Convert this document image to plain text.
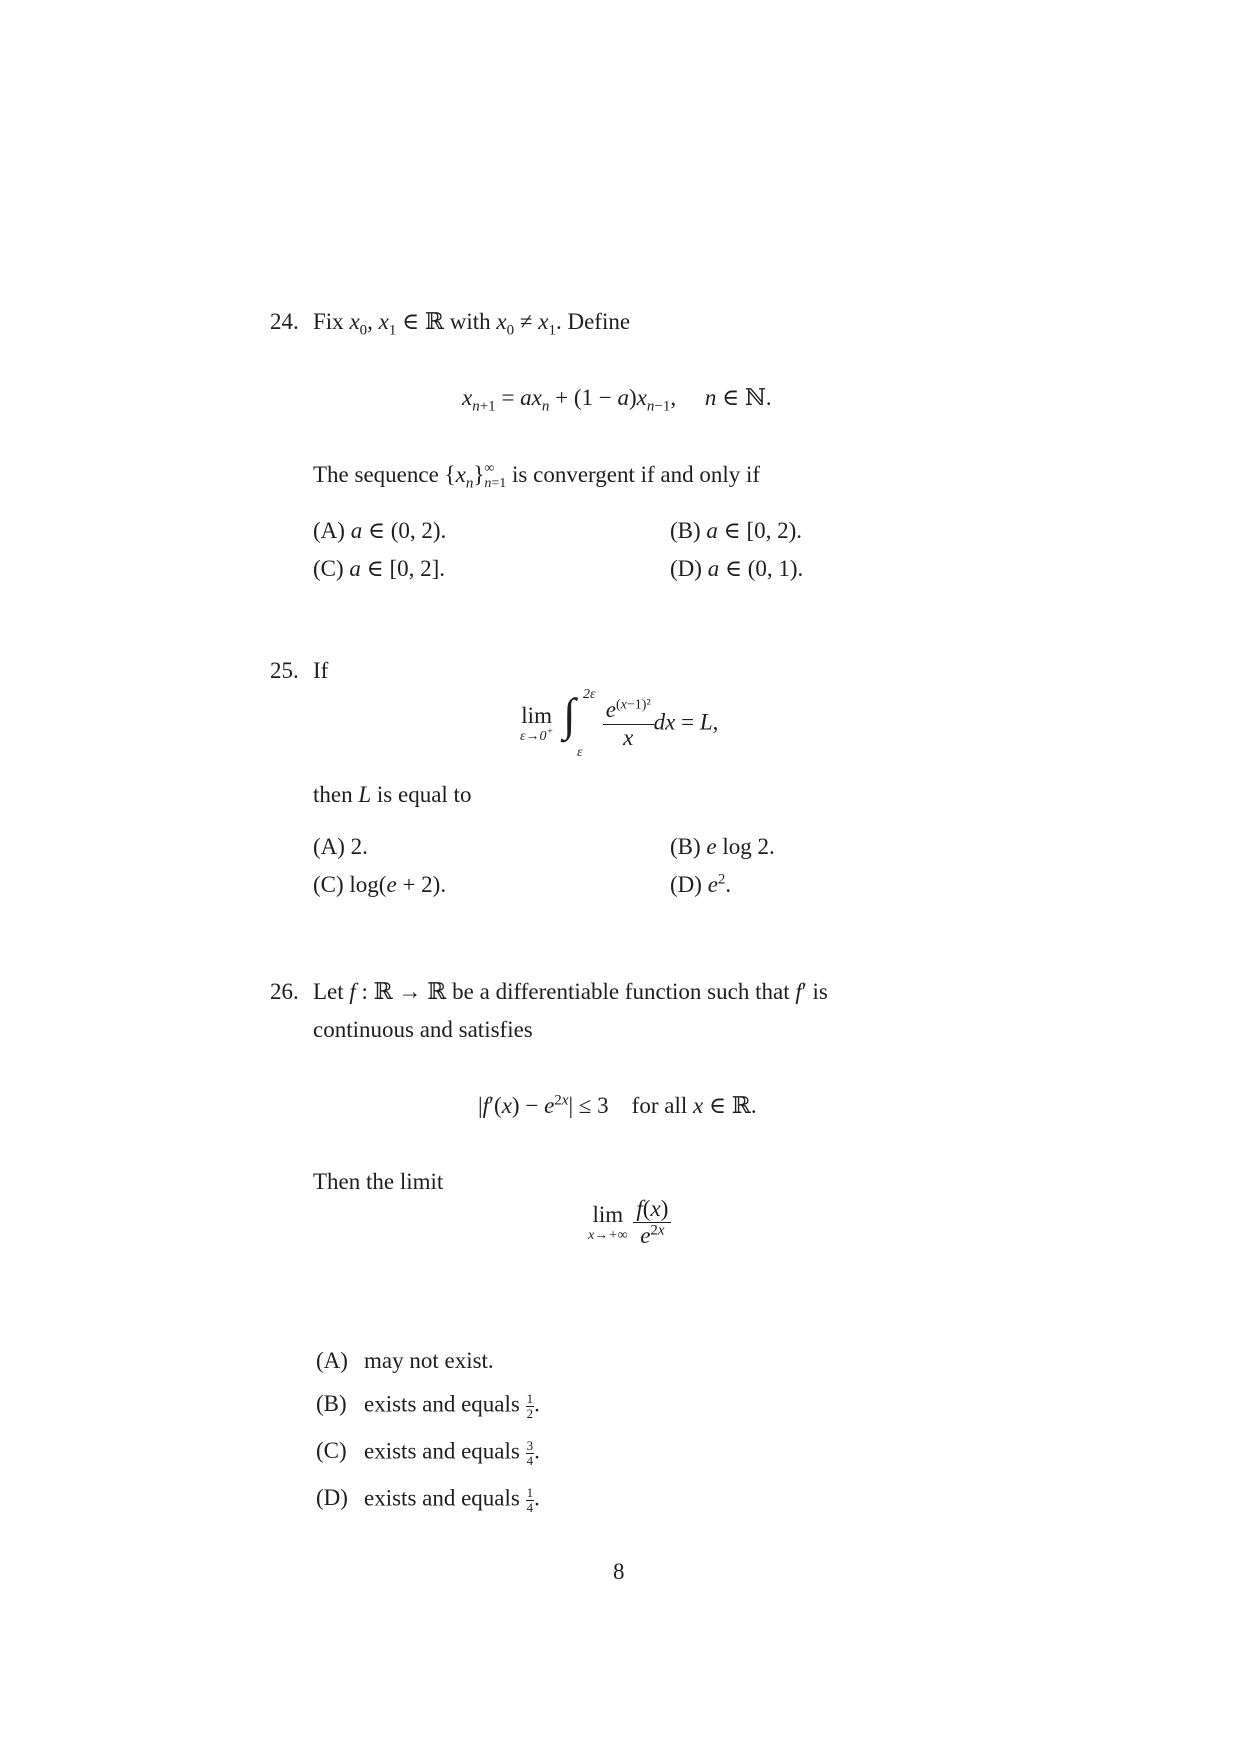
24. Fix $x_0$, $x_1$ ∈ ℝ with $x_0 \ne x_1$. Define
$x_{n+1} = ax_n + (1 - a)x_{n-1}$,     n ∈ ℕ.
The sequence $\{x_n\}$ ∞
n=1 is convergent if and only if
(A) a ∈ (0, 2).	(B) a ∈ [0, 2).
(C) a ∈ [0, 2].	(D) a ∈ (0, 1).
25. If
lim
ε→0+
∫ 2ε
ε

$\frac{e^{(x-1)^2}}{x}$ dx = L,
then L is equal to
(A) 2.	(B) e log 2.
(C) log(e + 2).	(D) $e^2$.
26. Let f : ℝ → ℝ be a differentiable function such that f′ is
continuous and satisfies
$|f'(x) - e^{2x}| \le 3$    for all x ∈ ℝ.
Then the limit
lim
x→+∞
$\frac{f(x)}{e^{2x}}$
(A) may not exist.
(B) exists and equals $\frac{1}{2}$ .
(C) exists and equals $\frac{3}{4}$ .
(D) exists and equals $\frac{1}{4}$ .
8
